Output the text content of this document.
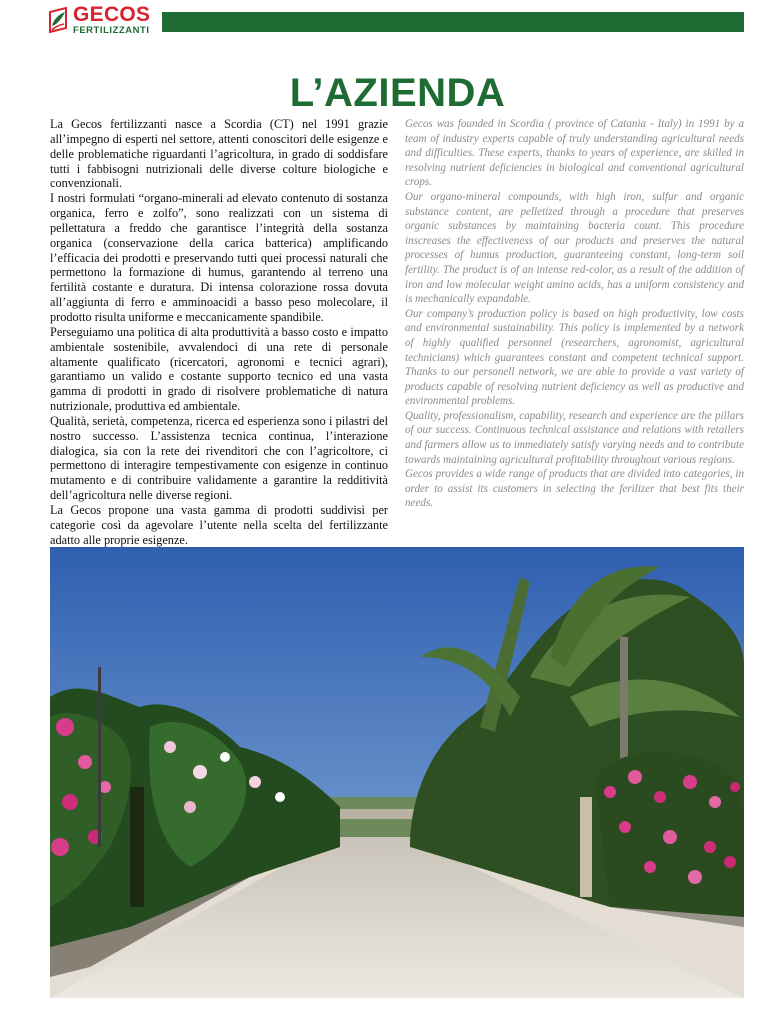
GECOS
FERTILIZZANTI
L’AZIENDA

La Gecos fertilizzanti nasce a Scordia (CT) nel 1991 grazie all’impegno di esperti nel settore, attenti conoscitori delle esigenze e delle problematiche riguardanti l’agricoltura, in grado di soddisfare tutti i fabbisogni nutrizionali delle diverse colture biologiche e convenzionali.

I nostri formulati “organo-minerali ad elevato contenuto di sostanza organica, ferro e zolfo”, sono realizzati con un sistema di pellettatura a freddo che garantisce l’integrità della sostanza organica (conservazione della carica batterica) amplificando l’efficacia dei prodotti e preservando tutti quei processi naturali che permettono la formazione di humus, garantendo al terreno una fertilità costante e duratura. Di intensa colorazione rossa dovuta all’aggiunta di ferro e amminoacidi a basso peso molecolare, il prodotto risulta uniforme e meccanicamente spandibile.

Perseguiamo una politica di alta produttività a basso costo e impatto ambientale sostenibile, avvalendoci di una rete di personale altamente qualificato (ricercatori, agronomi e tecnici agrari), garantiamo un valido e costante supporto tecnico ed una vasta gamma di prodotti in grado di risolvere problematiche di natura nutrizionale, produttiva ed ambientale.

Qualità, serietà, competenza, ricerca ed esperienza sono i pilastri del nostro successo. L’assistenza tecnica continua, l’interazione dialogica, sia con la rete dei rivenditori che con l’agricoltore, ci permettono di interagire tempestivamente con esigenze in continuo mutamento e di contribuire validamente a garantire la redditività dell’agricoltura nelle diverse regioni.

La Gecos propone una vasta gamma di prodotti suddivisi per categorie così da agevolare l’utente nella scelta del fertilizzante adatto alle proprie esigenze.

Gecos was founded in Scordia ( province of Catania - Italy) in 1991 by a team of industry experts capable of truly understanding agricultural needs and difficulties. These experts, thanks to years of experience, are skilled in resolving nutrient deficiencies in biological and conventional agricultural crops.

Our organo-mineral compounds, with high iron, sulfur and organic substance content, are pelletized through a procedure that preserves organic substances by maintaining bacteria count. This procedure inscreases the effectiveness of our products and preserves the natural processes of humus production, guaranteeing constant, long-term soil fertility. The product is of an intense red-color, as a result of the addition of iron and low molecular weight amino acids, has a uniform consistency and is mechanically expandable.

Our company’s production policy is based on high productivity, low costs and environmental sustainability. This policy is implemented by a network of highly qualified personnel (researchers, agronomist, agricultural technicians) which guarantees constant and competent technical support. Thanks to our personell network, we are able to provide a vast variety of products capable of resolving nutrient deficiency as well as productive and environmental problems.

Quality, professionalism, capability, research and experience are the pillars of our success. Continuous technical assistance and relations with retailers and farmers allow us to immediately satisfy varying needs and to contribute towards maintaining agricultural profitability throughout various regions.

Gecos provides a wide range of products that are divided into categories, in order to assist its customers in selecting the ferilizer that best fits their needs.
